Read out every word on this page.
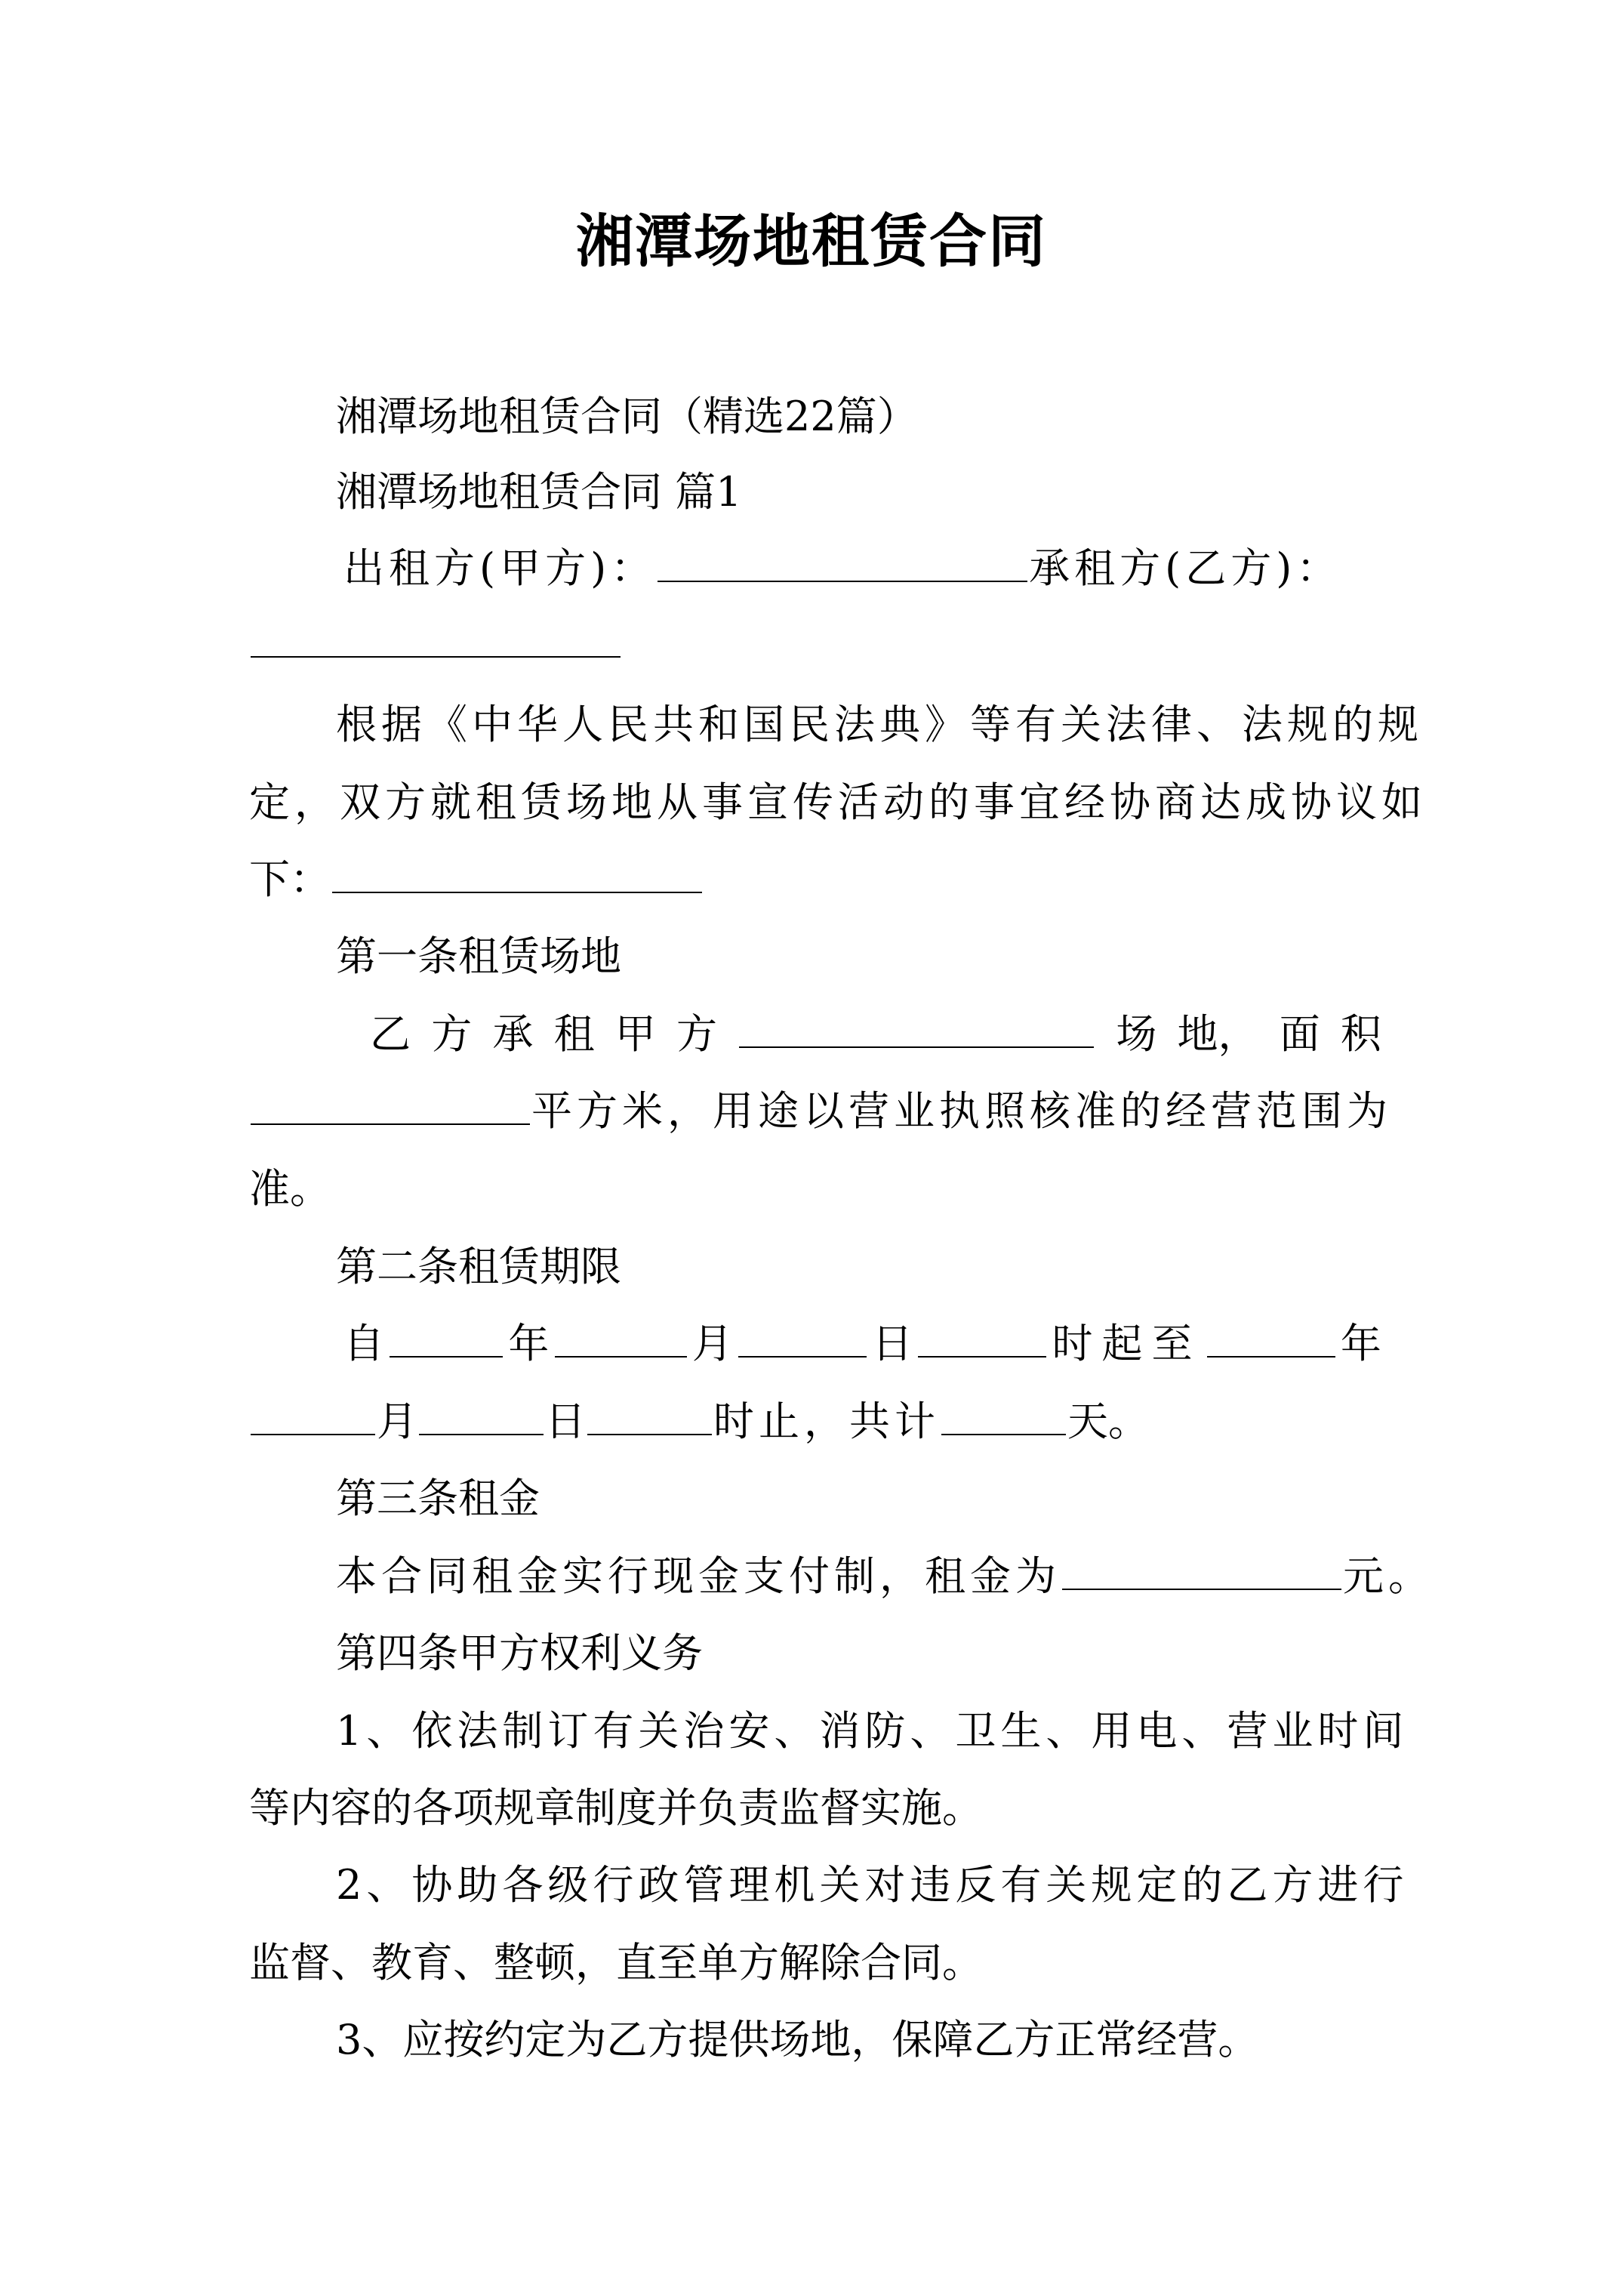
湘潭场地租赁合同
湘潭场地租赁合同（精选22篇）
湘潭场地租赁合同 篇1
出租方(甲方)：	承租方(乙方)：
根据《中华人民共和国民法典》等有关法律、法规的规
定，双方就租赁场地从事宣传活动的事宜经协商达成协议如
下：
第一条租赁场地
乙 方 承 租 甲 方	场 地， 面 积
平方米，用途以营业执照核准的经营范围为
准。
第二条租赁期限
自	年	月	日	时起至	年
月	日	时止，共计	天。
第三条租金
本合同租金实行现金支付制，租金为	元。
第四条甲方权利义务
1、依法制订有关治安、消防、卫生、用电、营业时间
等内容的各项规章制度并负责监督实施。
2、协助各级行政管理机关对违反有关规定的乙方进行
监督、教育、整顿，直至单方解除合同。
3、应按约定为乙方提供场地，保障乙方正常经营。
